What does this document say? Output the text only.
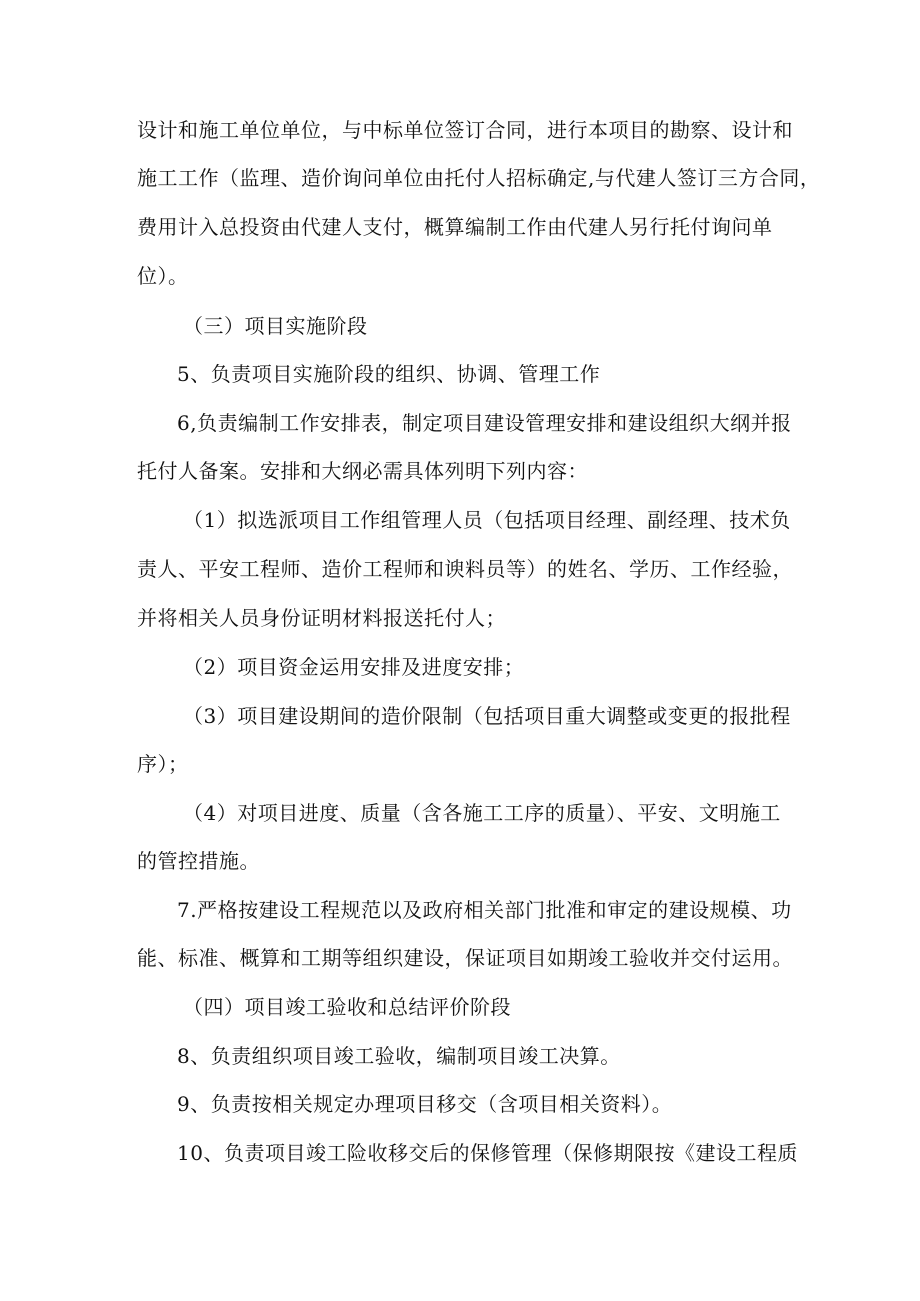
设计和施工单位单位，与中标单位签订合同，进行本项目的勘察、设计和
施工工作（监理、造价询问单位由托付人招标确定,与代建人签订三方合同，
费用计入总投资由代建人支付，概算编制工作由代建人另行托付询问单
位）。
（三）项目实施阶段
5、负责项目实施阶段的组织、协调、管理工作
6,负责编制工作安排表，制定项目建设管理安排和建设组织大纲并报
托付人备案。安排和大纲必需具体列明下列内容：
（1）拟选派项目工作组管理人员（包括项目经理、副经理、技术负
责人、平安工程师、造价工程师和谀料员等）的姓名、学历、工作经验，
并将相关人员身份证明材料报送托付人；
（2）项目资金运用安排及进度安排；
（3）项目建设期间的造价限制（包括项目重大调整或变更的报批程
序）；
（4）对项目进度、质量（含各施工工序的质量）、平安、文明施工
的管控措施。
7.严格按建设工程规范以及政府相关部门批准和审定的建设规模、功
能、标准、概算和工期等组织建设，保证项目如期竣工验收并交付运用。
（四）项目竣工验收和总结评价阶段
8、负责组织项目竣工验收，编制项目竣工决算。
9、负责按相关规定办理项目移交（含项目相关资料）。
10、负责项目竣工险收移交后的保修管理（保修期限按《建设工程质
